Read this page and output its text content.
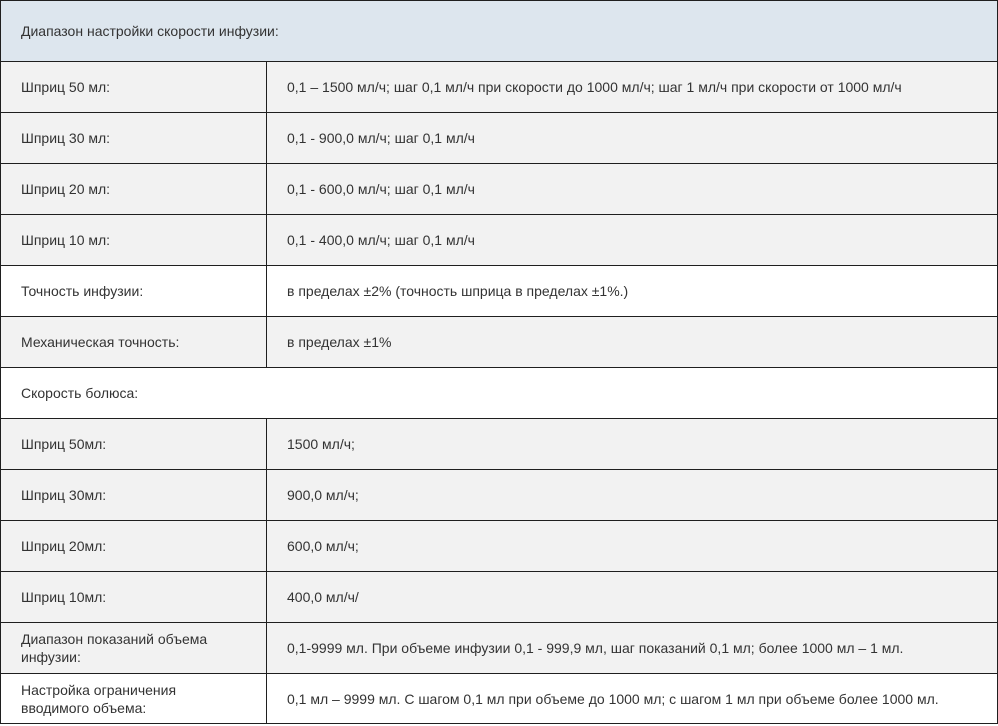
Диапазон настройки скорости инфузии:	
Шприц 50 мл:	0,1 – 1500 мл/ч; шаг 0,1 мл/ч при скорости до 1000 мл/ч; шаг 1 мл/ч при скорости от 1000 мл/ч
Шприц 30 мл:	0,1 - 900,0 мл/ч; шаг 0,1 мл/ч
Шприц 20 мл:	0,1 - 600,0 мл/ч; шаг 0,1 мл/ч
Шприц 10 мл:	0,1 - 400,0 мл/ч; шаг 0,1 мл/ч
Точность инфузии:	в пределах ±2% (точность шприца в пределах ±1%.)
Механическая точность:	в пределах ±1%
Скорость болюса:	
Шприц 50мл:	1500 мл/ч;
Шприц 30мл:	900,0 мл/ч;
Шприц 20мл:	600,0 мл/ч;
Шприц 10мл:	400,0 мл/ч/
Диапазон показаний объема инфузии:	0,1-9999 мл. При объеме инфузии 0,1 - 999,9 мл, шаг показаний 0,1 мл; более 1000 мл – 1 мл.
Настройка ограничения вводимого объема:	0,1 мл – 9999 мл. С шагом 0,1 мл при объеме до 1000 мл; с шагом 1 мл при объеме более 1000 мл.
